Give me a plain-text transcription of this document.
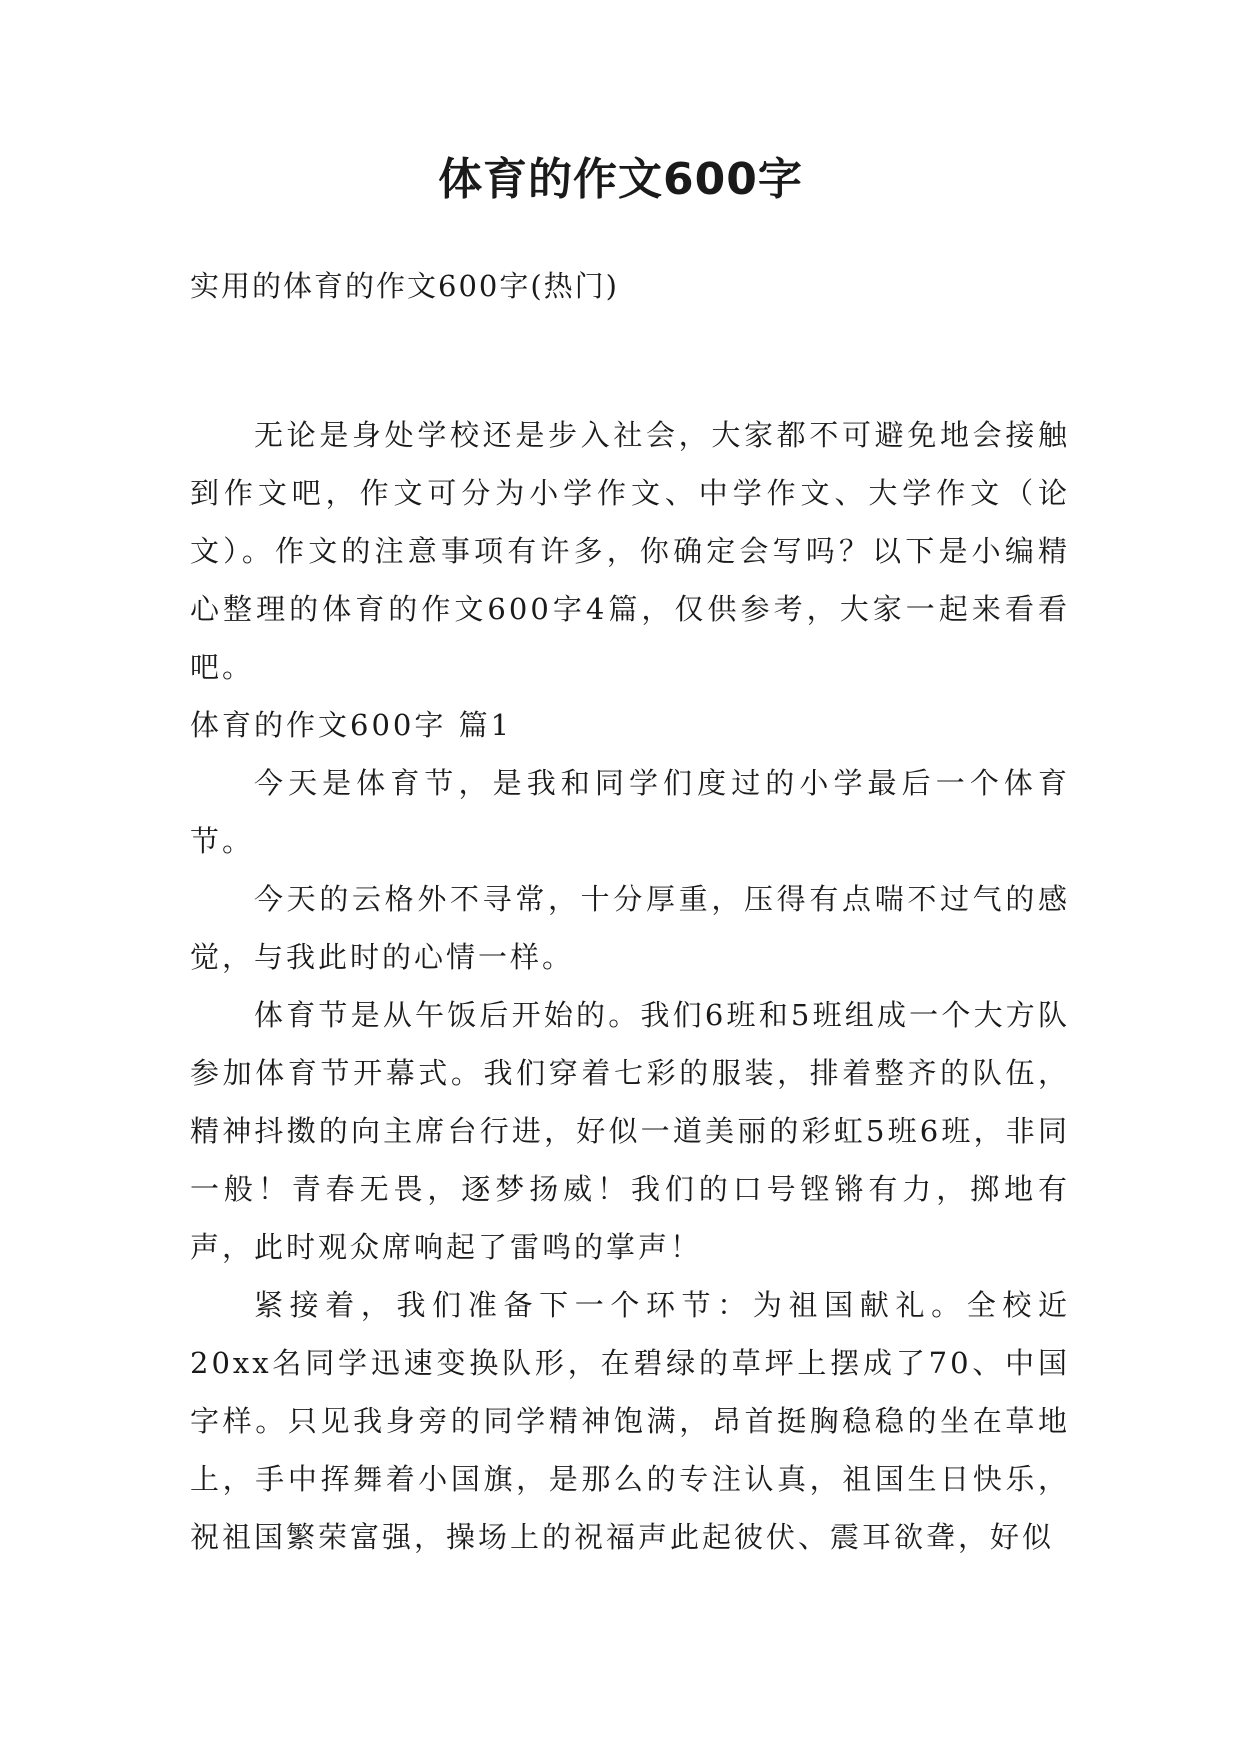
体育的作文600字
实用的体育的作文600字(热门)

无论是身处学校还是步入社会，大家都不可避免地会接触到作文吧，作文可分为小学作文、中学作文、大学作文（论文）。作文的注意事项有许多，你确定会写吗？以下是小编精心整理的体育的作文600字4篇，仅供参考，大家一起来看看吧。

体育的作文600字 篇1

今天是体育节，是我和同学们度过的小学最后一个体育节。

今天的云格外不寻常，十分厚重，压得有点喘不过气的感觉，与我此时的心情一样。

体育节是从午饭后开始的。我们6班和5班组成一个大方队参加体育节开幕式。我们穿着七彩的服装，排着整齐的队伍，精神抖擞的向主席台行进，好似一道美丽的彩虹5班6班，非同一般！青春无畏，逐梦扬威！我们的口号铿锵有力，掷地有声，此时观众席响起了雷鸣的掌声！

紧接着，我们准备下一个环节：为祖国献礼。全校近20xx名同学迅速变换队形，在碧绿的草坪上摆成了70、中国字样。只见我身旁的同学精神饱满，昂首挺胸稳稳的坐在草地上，手中挥舞着小国旗，是那么的专注认真，祖国生日快乐，祝祖国繁荣富强，操场上的祝福声此起彼伏、震耳欲聋，好似
